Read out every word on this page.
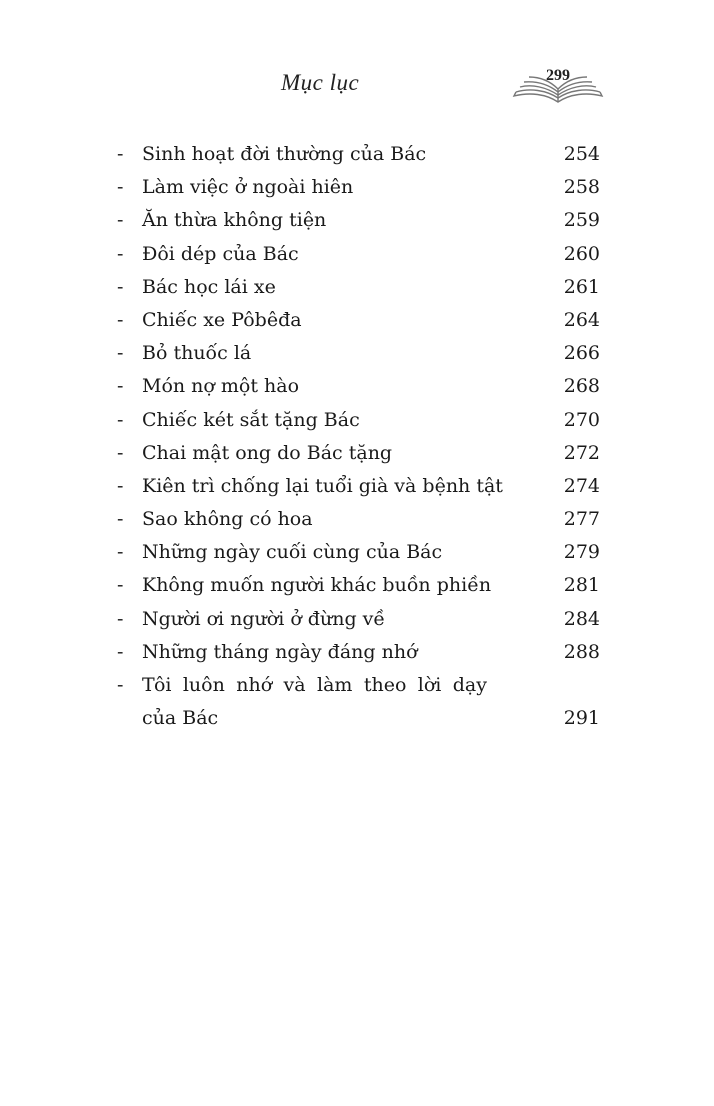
Mục lục	299
- Sinh hoạt đời thường của Bác	254
- Làm việc ở ngoài hiên	258
- Ăn thừa không tiện	259
- Đôi dép của Bác	260
- Bác học lái xe	261
- Chiếc xe Pôbêđa	264
- Bỏ thuốc lá	266
- Món nợ một hào	268
- Chiếc két sắt tặng Bác	270
- Chai mật ong do Bác tặng	272
- Kiên trì chống lại tuổi già và bệnh tật	274
- Sao không có hoa	277
- Những ngày cuối cùng của Bác	279
- Không muốn người khác buồn phiền	281
- Người ơi người ở đừng về	284
- Những tháng ngày đáng nhớ	288
- Tôi luôn nhớ và làm theo lời dạy
của Bác	291
